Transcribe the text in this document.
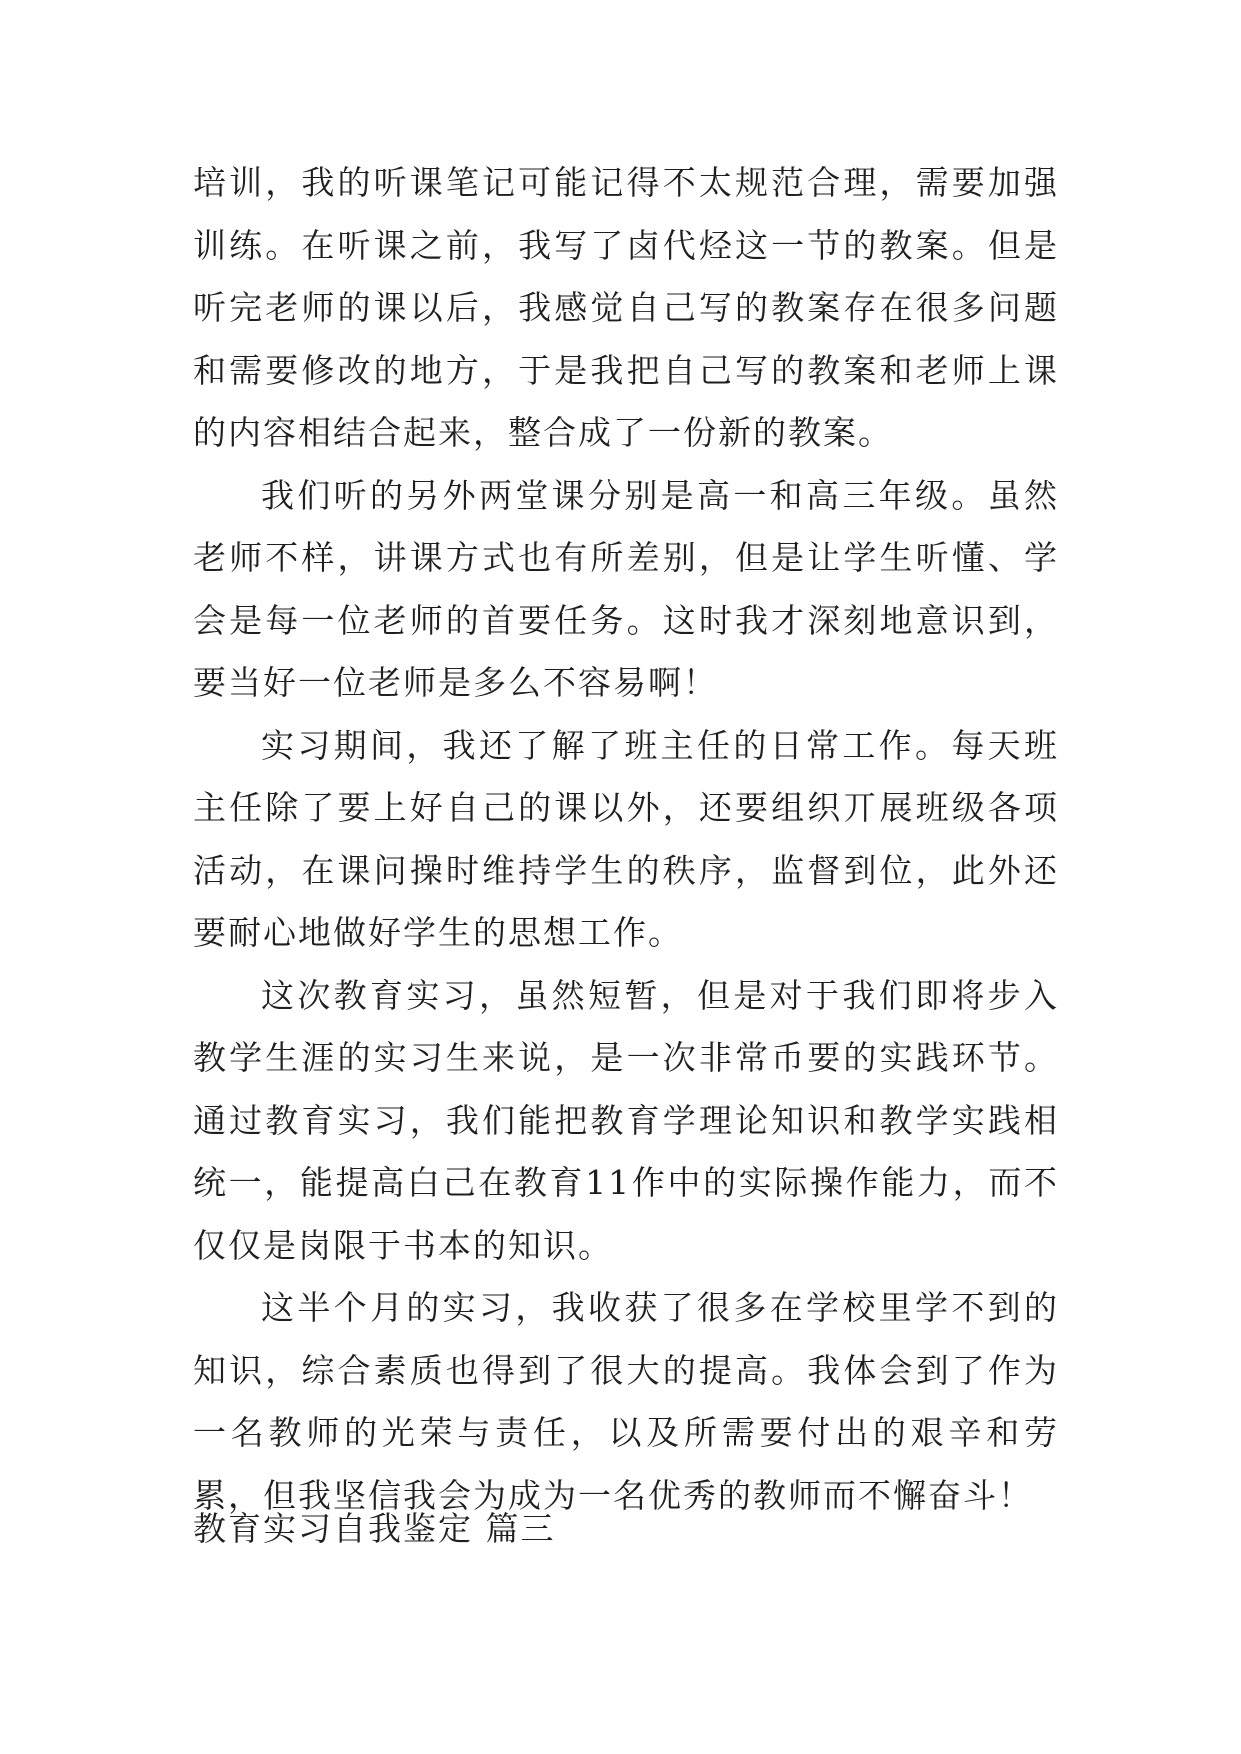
培训，我的听课笔记可能记得不太规范合理，需要加强训练。在听课之前，我写了卤代烃这一节的教案。但是听完老师的课以后，我感觉自己写的教案存在很多问题和需要修改的地方，于是我把自己写的教案和老师上课的内容相结合起来，整合成了一份新的教案。

我们听的另外两堂课分别是高一和高三年级。虽然老师不样，讲课方式也有所差别，但是让学生听懂、学会是每一位老师的首要任务。这时我才深刻地意识到，要当好一位老师是多么不容易啊！

实习期间，我还了解了班主任的日常工作。每天班主任除了要上好自己的课以外，还要组织丌展班级各项活动，在课问操时维持学生的秩序，监督到位，此外还要耐心地做好学生的思想工作。

这次教育实习，虽然短暂，但是对于我们即将步入教学生涯的实习生来说，是一次非常币要的实践环节。通过教育实习，我们能把教育学理论知识和教学实践相统一，能提高白己在教育11作中的实际操作能力，而不仅仅是岗限于书本的知识。

这半个月的实习，我收获了很多在学校里学不到的知识，综合素质也得到了很大的提高。我体会到了作为一名教师的光荣与责任，以及所需要付出的艰辛和劳累，但我坚信我会为成为一名优秀的教师而不懈奋斗！

教育实习自我鉴定 篇三
